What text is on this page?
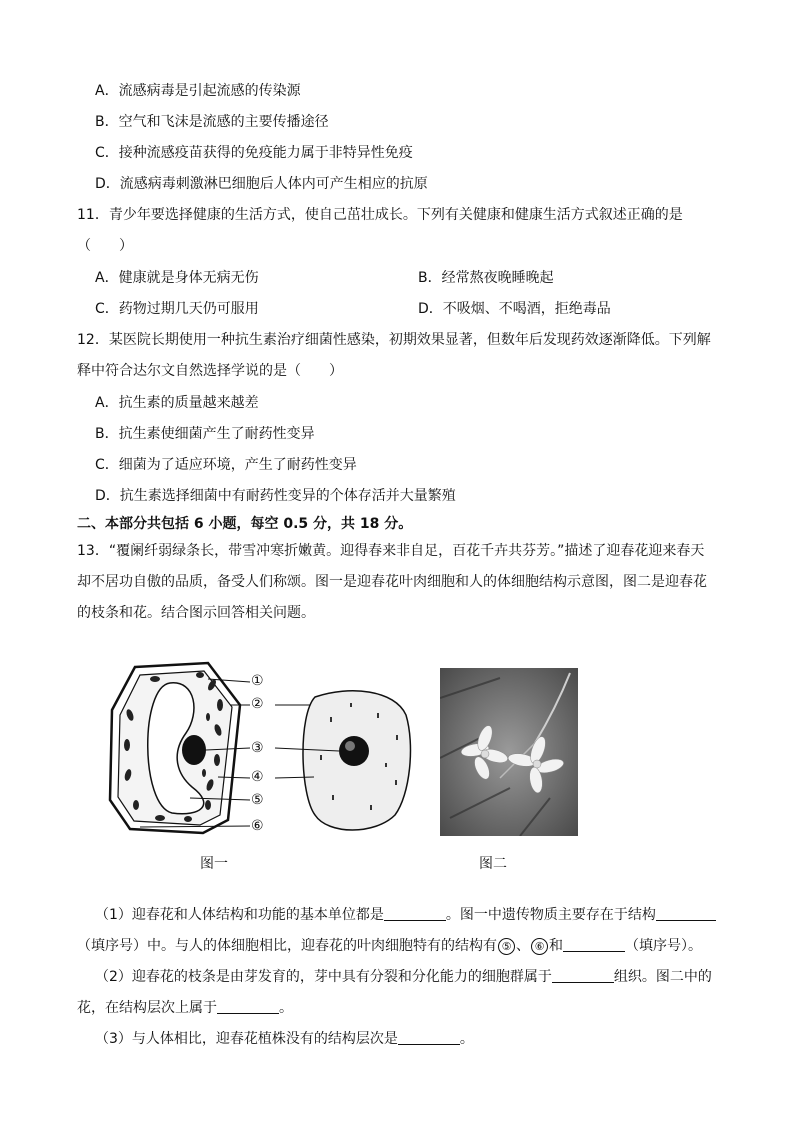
A．流感病毒是引起流感的传染源
B．空气和飞沫是流感的主要传播途径
C．接种流感疫苗获得的免疫能力属于非特异性免疫
D．流感病毒刺激淋巴细胞后人体内可产生相应的抗原
11．青少年要选择健康的生活方式，使自己茁壮成长。下列有关健康和健康生活方式叙述正确的是
（　　）
A．健康就是身体无病无伤	B．经常熬夜晚睡晚起
C．药物过期几天仍可服用	D．不吸烟、不喝酒，拒绝毒品
12．某医院长期使用一种抗生素治疗细菌性感染，初期效果显著，但数年后发现药效逐渐降低。下列解
释中符合达尔文自然选择学说的是（　　）
A．抗生素的质量越来越差
B．抗生素使细菌产生了耐药性变异
C．细菌为了适应环境，产生了耐药性变异
D．抗生素选择细菌中有耐药性变异的个体存活并大量繁殖
二、本部分共包括 6 小题，每空 0.5 分，共 18 分。
13．“覆阑纤弱绿条长，带雪冲寒折嫩黄。迎得春来非自足，百花千卉共芬芳。”描述了迎春花迎来春天
却不居功自傲的品质，备受人们称颂。图一是迎春花叶肉细胞和人的体细胞结构示意图，图二是迎春花
的枝条和花。结合图示回答相关问题。
①
②
③
④
⑤
⑥
图一	图二
（1）迎春花和人体结构和功能的基本单位都是	。图一中遗传物质主要存在于结构
（填序号）中。与人的体细胞相比，迎春花的叶肉细胞特有的结构有 ⑤ 、 ⑥ 和	（填序号）。
（2）迎春花的枝条是由芽发育的，芽中具有分裂和分化能力的细胞群属于	组织。图二中的
花，在结构层次上属于	。
（3）与人体相比，迎春花植株没有的结构层次是	。
